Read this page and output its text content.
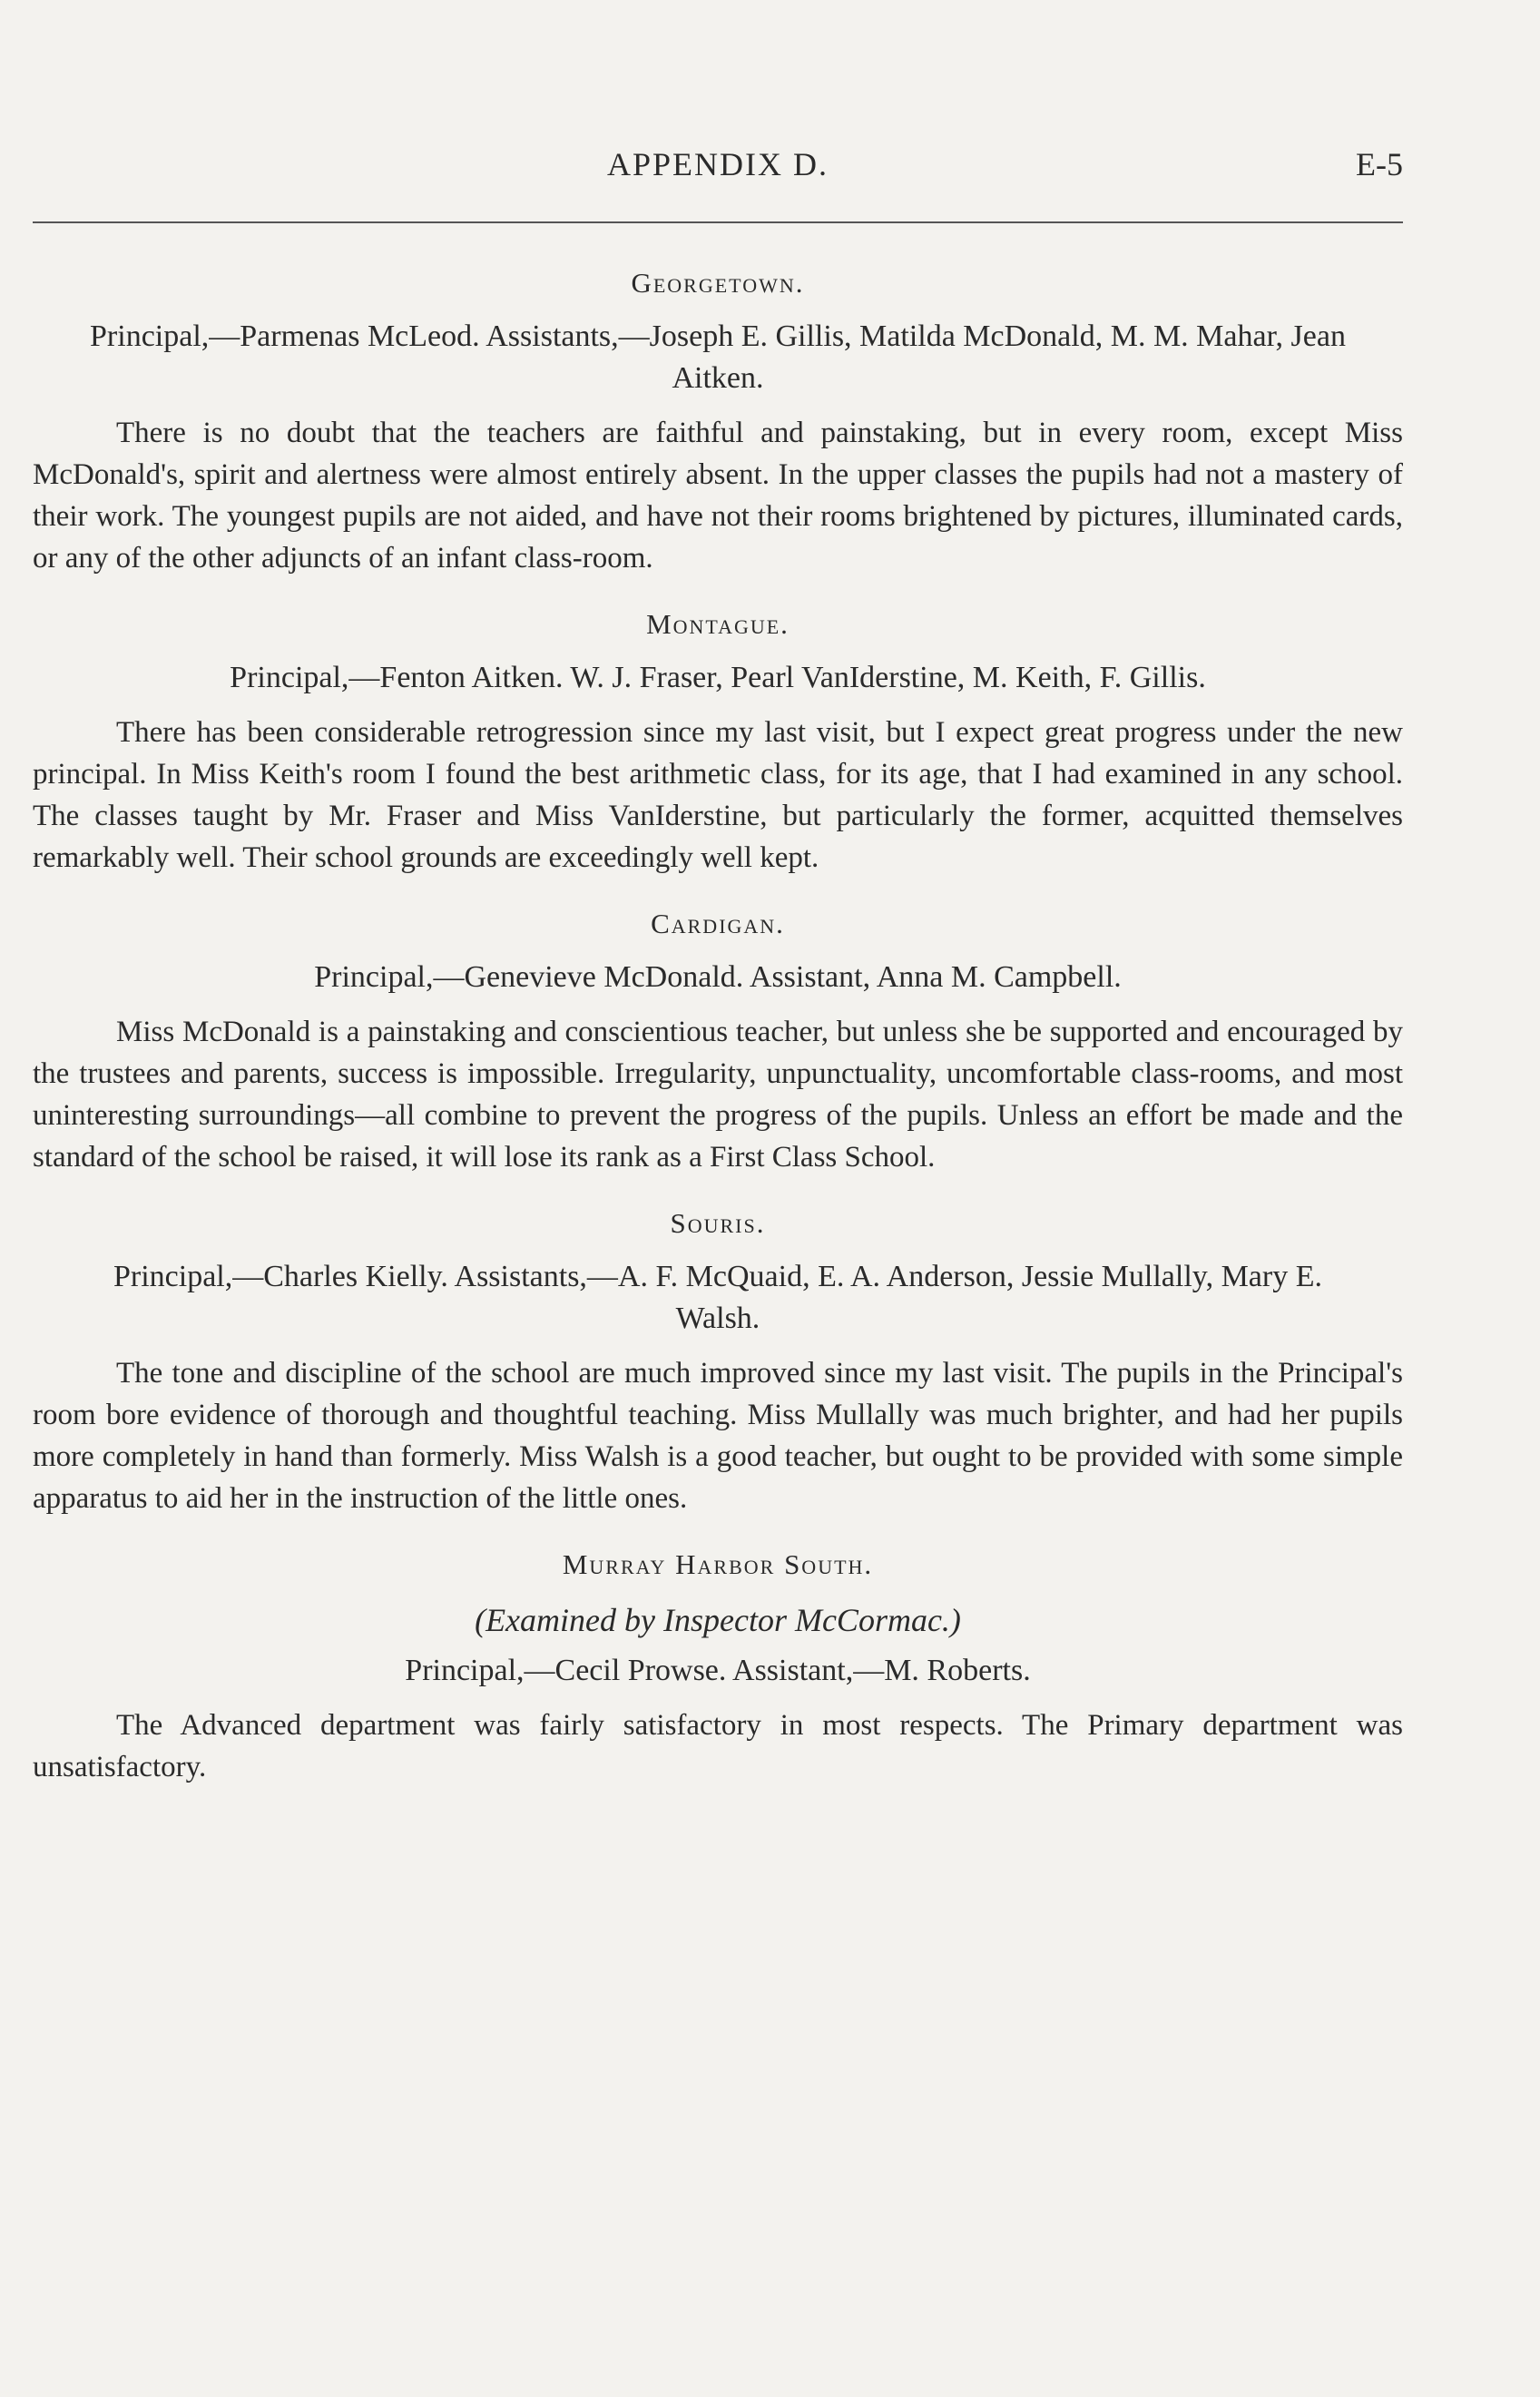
APPENDIX D.	E-5
Georgetown.
Principal,—Parmenas McLeod. Assistants,—Joseph E. Gillis, Matilda McDonald, M. M. Mahar, Jean Aitken.

There is no doubt that the teachers are faithful and painstaking, but in every room, except Miss McDonald's, spirit and alertness were almost entirely absent. In the upper classes the pupils had not a mastery of their work. The youngest pupils are not aided, and have not their rooms brightened by pictures, illuminated cards, or any of the other adjuncts of an infant class-room.

Montague.
Principal,—Fenton Aitken. W. J. Fraser, Pearl VanIderstine, M. Keith, F. Gillis.

There has been considerable retrogression since my last visit, but I expect great progress under the new principal. In Miss Keith's room I found the best arithmetic class, for its age, that I had examined in any school. The classes taught by Mr. Fraser and Miss VanIderstine, but particularly the former, acquitted themselves remarkably well. Their school grounds are exceedingly well kept.

Cardigan.
Principal,—Genevieve McDonald. Assistant, Anna M. Campbell.

Miss McDonald is a painstaking and conscientious teacher, but unless she be supported and encouraged by the trustees and parents, success is impossible. Irregularity, unpunctuality, uncomfortable class-rooms, and most uninteresting surroundings—all combine to prevent the progress of the pupils. Unless an effort be made and the standard of the school be raised, it will lose its rank as a First Class School.

Souris.
Principal,—Charles Kielly. Assistants,—A. F. McQuaid, E. A. Anderson, Jessie Mullally, Mary E. Walsh.

The tone and discipline of the school are much improved since my last visit. The pupils in the Principal's room bore evidence of thorough and thoughtful teaching. Miss Mullally was much brighter, and had her pupils more completely in hand than formerly. Miss Walsh is a good teacher, but ought to be provided with some simple apparatus to aid her in the instruction of the little ones.

Murray Harbor South.
(Examined by Inspector McCormac.)
Principal,—Cecil Prowse. Assistant,—M. Roberts.

The Advanced department was fairly satisfactory in most respects. The Primary department was unsatisfactory.
